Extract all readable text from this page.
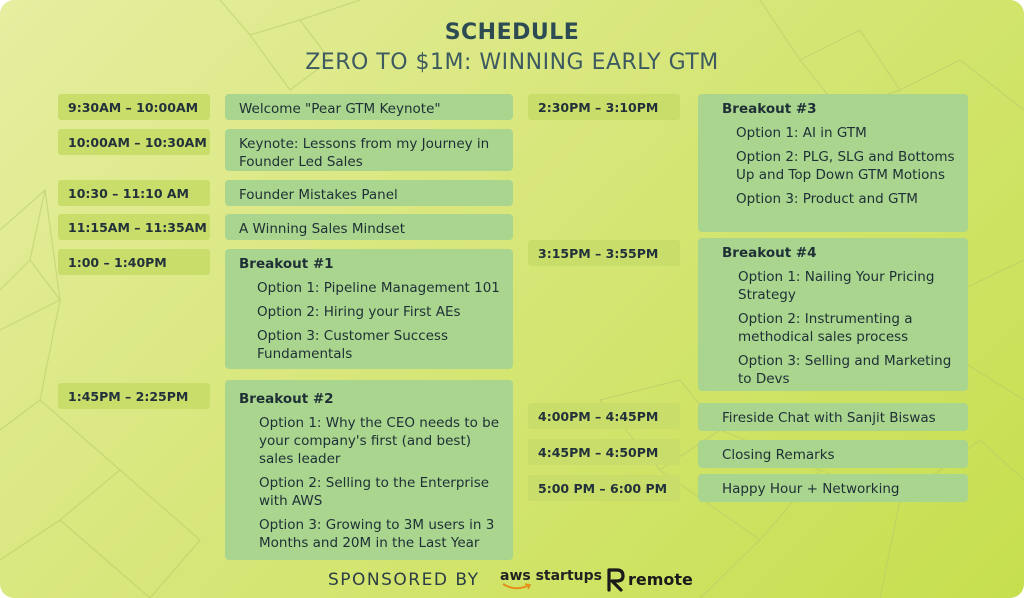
SCHEDULE
ZERO TO $1M: WINNING EARLY GTM
9:30AM – 10:00AM	Welcome "Pear GTM Keynote"
10:00AM – 10:30AM Keynote: Lessons from my Journey in Founder Led Sales
10:30 – 11:10 AM	Founder Mistakes Panel
11:15AM – 11:35AM A Winning Sales Mindset
1:00 – 1:40PM	Breakout #1
Option 1: Pipeline Management 101
Option 2: Hiring your First AEs
Option 3: Customer Success Fundamentals
1:45PM – 2:25PM	Breakout #2
Option 1: Why the CEO needs to be your company's first (and best) sales leader
Option 2: Selling to the Enterprise with AWS
Option 3: Growing to 3M users in 3 Months and 20M in the Last Year
2:30PM – 3:10PM	Breakout #3
Option 1: AI in GTM
Option 2: PLG, SLG and Bottoms Up and Top Down GTM Motions
Option 3: Product and GTM
3:15PM – 3:55PM	Breakout #4
Option 1: Nailing Your Pricing Strategy
Option 2: Instrumenting a methodical sales process
Option 3: Selling and Marketing to Devs
4:00PM – 4:45PM	Fireside Chat with Sanjit Biswas
4:45PM – 4:50PM	Closing Remarks
5:00 PM – 6:00 PM	Happy Hour + Networking
SPONSORED BY aws startups remote
